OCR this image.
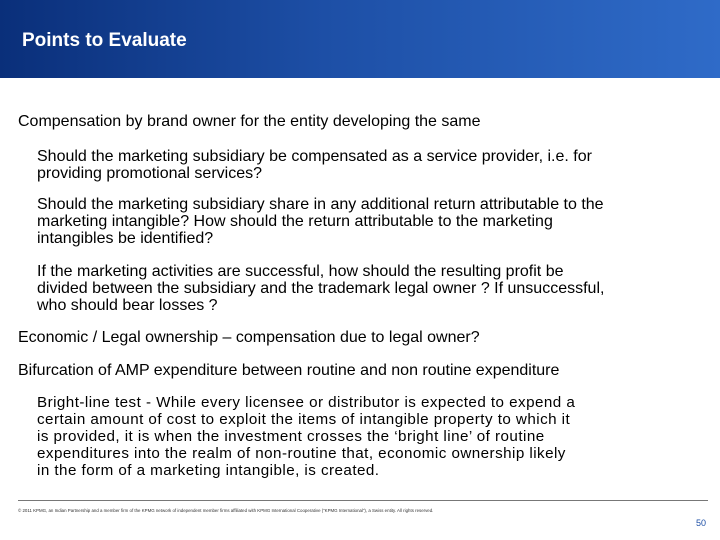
Points to Evaluate
Compensation by brand owner for the entity developing the same
Should the marketing subsidiary be compensated as a service provider, i.e. for
providing promotional services?
Should the marketing subsidiary share in any additional return attributable to the
marketing intangible? How should the return attributable to the marketing
intangibles be identified?
If the marketing activities are successful, how should the resulting profit be
divided between the subsidiary and the trademark legal owner ? If unsuccessful,
who should bear losses ?
Economic / Legal ownership – compensation due to legal owner?
Bifurcation of AMP expenditure between routine and non routine expenditure
Bright-line test - While every licensee or distributor is expected to expend a
certain amount of cost to exploit the items of intangible property to which it
is provided, it is when the investment crosses the ‘bright line’ of routine
expenditures into the realm of non-routine that, economic ownership likely
in the form of a marketing intangible, is created.
© 2011 KPMG, an Indian Partnership and a member firm of the KPMG network of independent member firms affiliated with KPMG International Cooperative (“KPMG International”), a Swiss entity. All rights reserved.
50
